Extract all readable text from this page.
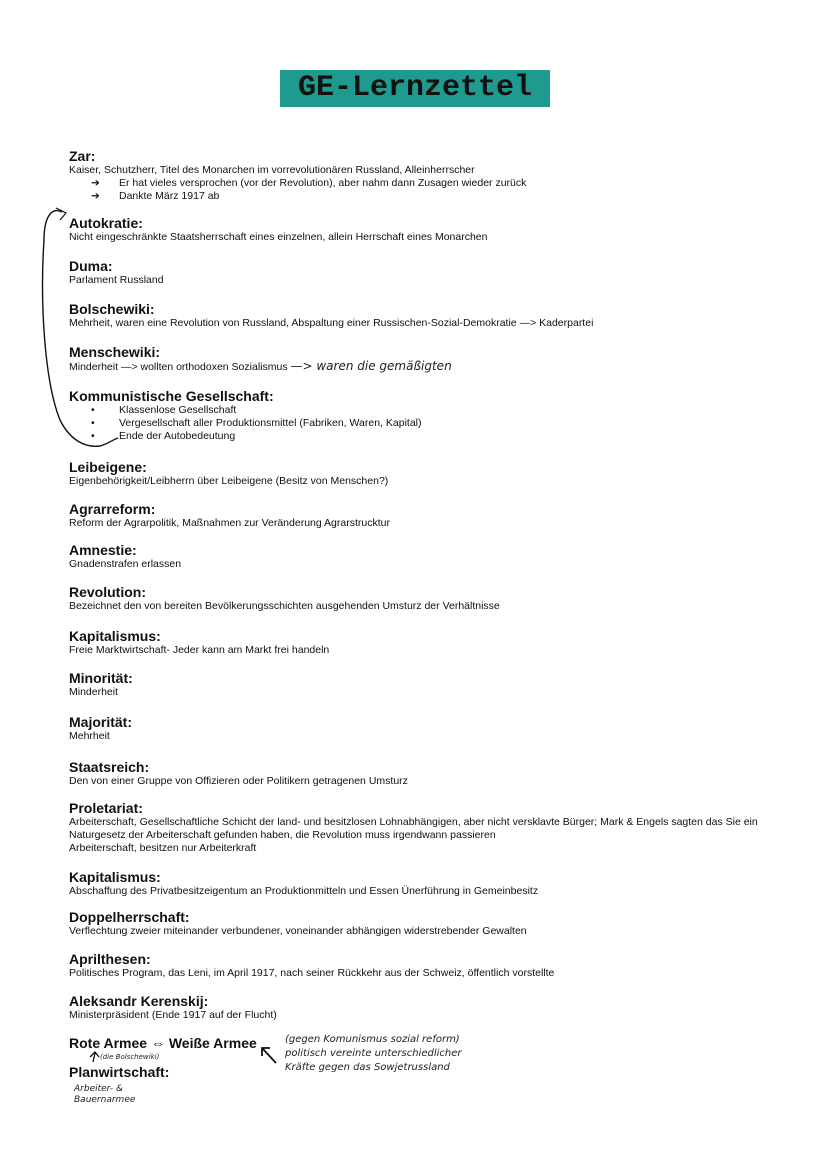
GE-Lernzettel
Zar:
Kaiser, Schutzherr, Titel des Monarchen im vorrevolutionären Russland, Alleinherrscher
➔ Er hat vieles versprochen (vor der Revolution), aber nahm dann Zusagen wieder zurück
➔ Dankte März 1917 ab
Autokratie:
Nicht eingeschränkte Staatsherrschaft eines einzelnen, allein Herrschaft eines Monarchen
Duma:
Parlament Russland
Bolschewiki:
Mehrheit, waren eine Revolution von Russland, Abspaltung einer Russischen-Sozial-Demokratie —> Kaderpartei
Menschewiki:
Minderheit —> wollten orthodoxen Sozialismus —> waren die gemäßigten
Kommunistische Gesellschaft:
• Klassenlose Gesellschaft
• Vergesellschaft aller Produktionsmittel (Fabriken, Waren, Kapital)
• Ende der Autobedeutung
Leibeigene:
Eigenbehörigkeit/Leibherrn über Leibeigene (Besitz von Menschen?)
Agrarreform:
Reform der Agrarpolitik, Maßnahmen zur Veränderung Agrarstrucktur
Amnestie:
Gnadenstrafen erlassen
Revolution:
Bezeichnet den von bereiten Bevölkerungsschichten ausgehenden Umsturz der Verhältnisse
Kapitalismus:
Freie Marktwirtschaft- Jeder kann am Markt frei handeln
Minorität:
Minderheit
Majorität:
Mehrheit
Staatsreich:
Den von einer Gruppe von Offizieren oder Politikern getragenen Umsturz
Proletariat:
Arbeiterschaft, Gesellschaftliche Schicht der land- und besitzlosen Lohnabhängigen, aber nicht versklavte Bürger; Mark & Engels sagten das Sie ein Naturgesetz der Arbeiterschaft gefunden haben, die Revolution muss irgendwann passieren
Arbeiterschaft, besitzen nur Arbeiterkraft
Kapitalismus:
Abschaffung des Privatbesitzeigentum an Produktionmitteln und Essen Ünerführung in Gemeinbesitz
Doppelherrschaft:
Verflechtung zweier miteinander verbundener, voneinander abhängigen widerstrebender Gewalten
Aprilthesen:
Politisches Program, das Leni, im April 1917, nach seiner Rückkehr aus der Schweiz, öffentlich vorstellte
Aleksandr Kerenskij:
Ministerpräsident (Ende 1917 auf der Flucht)
Rote Armee ⇔ Weiße Armee
(die Bolschewiki)
Planwirtschaft:
Arbeiter- & Bauernarmee
(gegen Komunismus sozial reform)
politisch vereinte unterschiedlicher
Kräfte gegen das Sowjetrussland
